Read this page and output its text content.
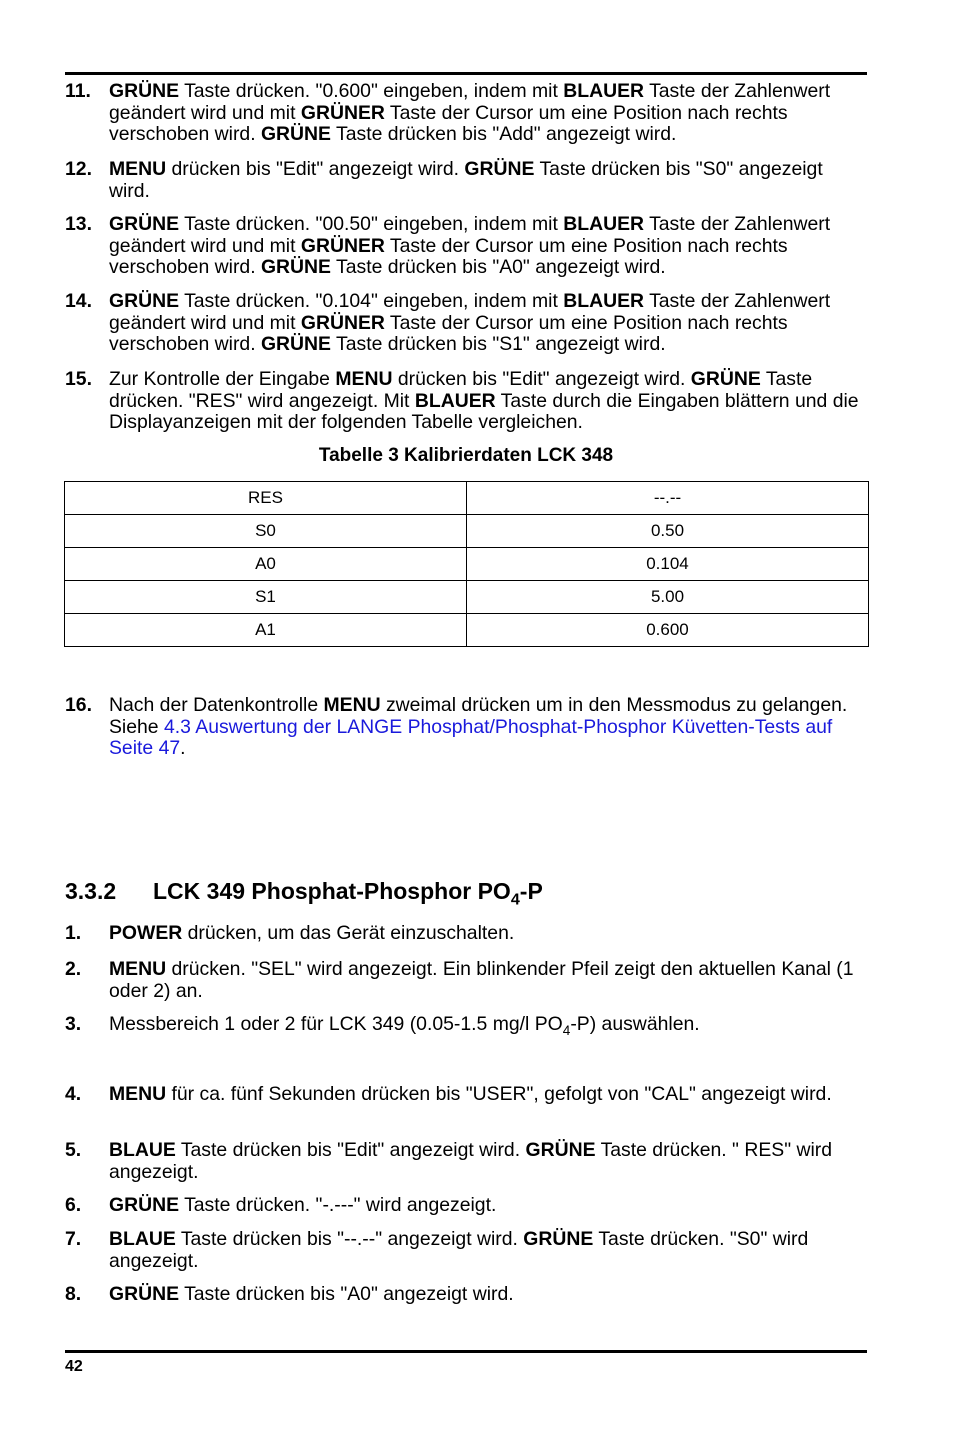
11. GRÜNE Taste drücken. "0.600" eingeben, indem mit BLAUER Taste der Zahlenwert geändert wird und mit GRÜNER Taste der Cursor um eine Position nach rechts verschoben wird. GRÜNE Taste drücken bis "Add" angezeigt wird.
12. MENU drücken bis "Edit" angezeigt wird. GRÜNE Taste drücken bis "S0" angezeigt wird.
13. GRÜNE Taste drücken. "00.50" eingeben, indem mit BLAUER Taste der Zahlenwert geändert wird und mit GRÜNER Taste der Cursor um eine Position nach rechts verschoben wird. GRÜNE Taste drücken bis "A0" angezeigt wird.
14. GRÜNE Taste drücken. "0.104" eingeben, indem mit BLAUER Taste der Zahlenwert geändert wird und mit GRÜNER Taste der Cursor um eine Position nach rechts verschoben wird. GRÜNE Taste drücken bis "S1" angezeigt wird.
15. Zur Kontrolle der Eingabe MENU drücken bis "Edit" angezeigt wird. GRÜNE Taste drücken. "RES" wird angezeigt. Mit BLAUER Taste durch die Eingaben blättern und die Displayanzeigen mit der folgenden Tabelle vergleichen.
Tabelle 3 Kalibrierdaten LCK 348
RES	--.--
S0	0.50
A0	0.104
S1	5.00
A1	0.600
16. Nach der Datenkontrolle MENU zweimal drücken um in den Messmodus zu gelangen. Siehe 4.3 Auswertung der LANGE Phosphat/Phosphat-Phosphor Küvetten-Tests auf Seite 47.
3.3.2 LCK 349 Phosphat-Phosphor $PO_4-P$
1. POWER drücken, um das Gerät einzuschalten.
2. MENU drücken. "SEL" wird angezeigt. Ein blinkender Pfeil zeigt den aktuellen Kanal (1 oder 2) an.
3. Messbereich 1 oder 2 für LCK 349 (0.05-1.5 mg/l $PO_4-P$) auswählen.
4. MENU für ca. fünf Sekunden drücken bis "USER", gefolgt von "CAL" angezeigt wird.
5. BLAUE Taste drücken bis "Edit" angezeigt wird. GRÜNE Taste drücken. " RES" wird angezeigt.
6. GRÜNE Taste drücken. "-.---" wird angezeigt.
7. BLAUE Taste drücken bis "--.--" angezeigt wird. GRÜNE Taste drücken. "S0" wird angezeigt.
8. GRÜNE Taste drücken bis "A0" angezeigt wird.
42
